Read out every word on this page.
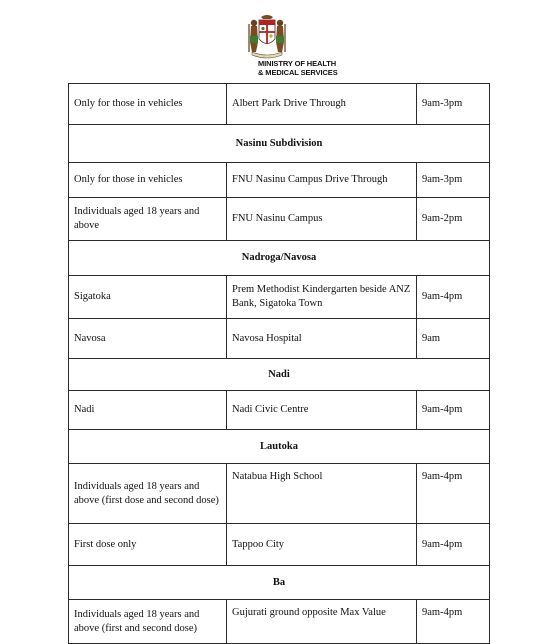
MINISTRY OF HEALTH
& MEDICAL SERVICES
Only for those in vehicles	Albert Park Drive Through	9am-3pm
Nasinu Subdivision		
Only for those in vehicles	FNU Nasinu Campus Drive Through	9am-3pm
Individuals aged 18 years and above	FNU Nasinu Campus	9am-2pm
Nadroga/Navosa		
Sigatoka	Prem Methodist Kindergarten beside ANZ Bank, Sigatoka Town	9am-4pm
Navosa	Navosa Hospital	9am
Nadi		
Nadi	Nadi Civic Centre	9am-4pm
Lautoka		
Individuals aged 18 years and above (first dose and second dose)	Natabua High School	9am-4pm
First dose only	Tappoo City	9am-4pm
Ba		
Individuals aged 18 years and above (first and second dose)	Gujurati ground opposite Max Value	9am-4pm
